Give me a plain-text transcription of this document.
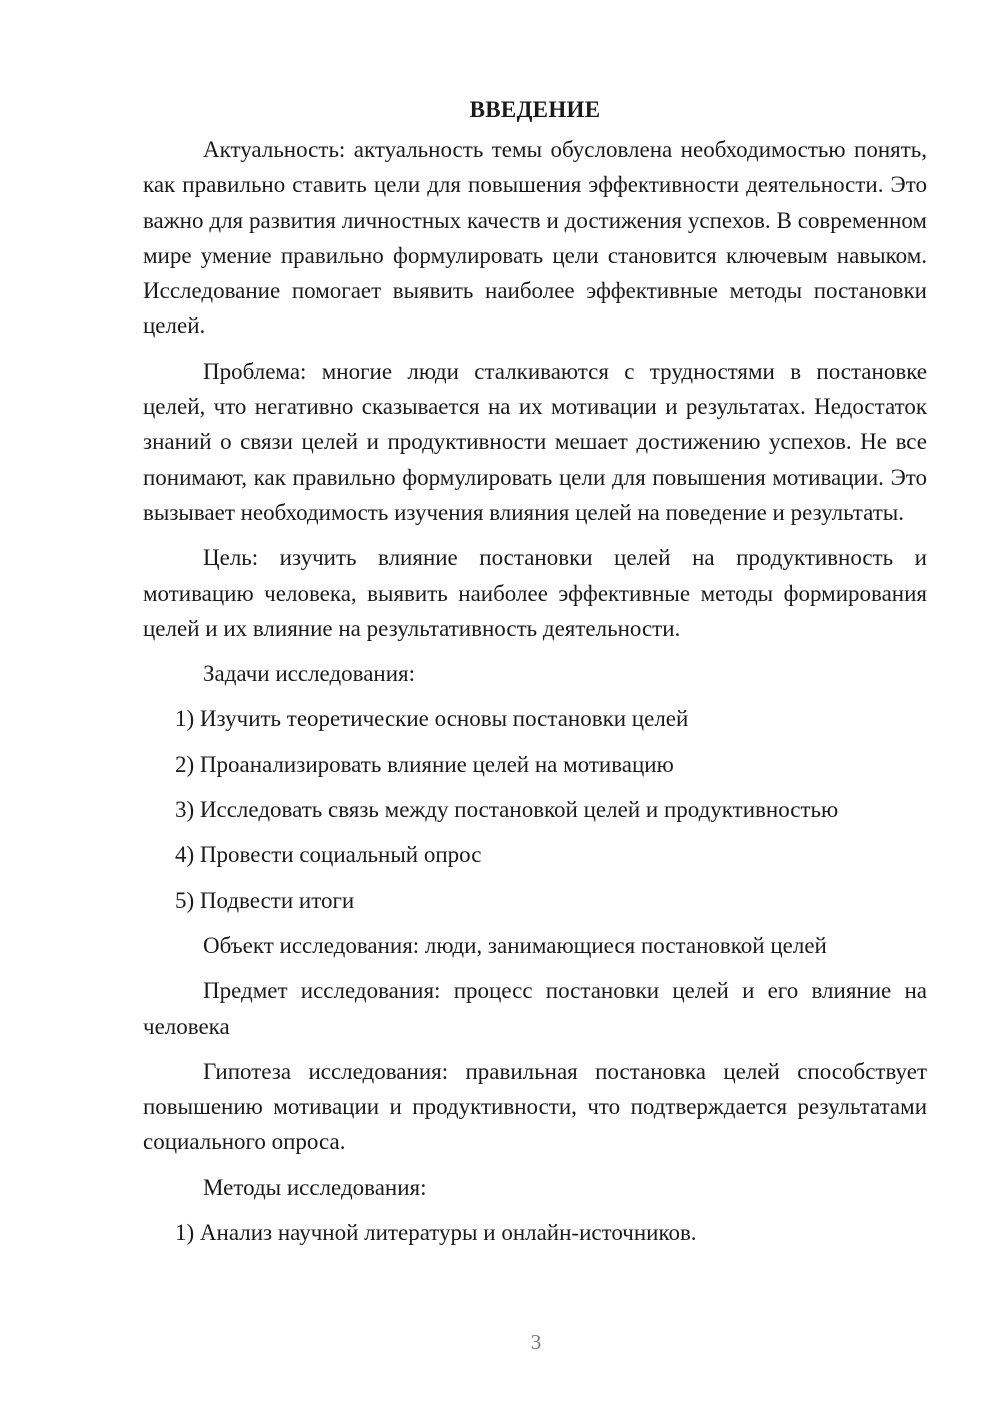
ВВЕДЕНИЕ

Актуальность: актуальность темы обусловлена необходимостью понять, как правильно ставить цели для повышения эффективности деятельности. Это важно для развития личностных качеств и достижения успехов. В современном мире умение правильно формулировать цели становится ключевым навыком. Исследование помогает выявить наиболее эффективные методы постановки целей.

Проблема: многие люди сталкиваются с трудностями в постановке целей, что негативно сказывается на их мотивации и результатах. Недостаток знаний о связи целей и продуктивности мешает достижению успехов. Не все понимают, как правильно формулировать цели для повышения мотивации. Это вызывает необходимость изучения влияния целей на поведение и результаты.

Цель: изучить влияние постановки целей на продуктивность и мотивацию человека, выявить наиболее эффективные методы формирования целей и их влияние на результативность деятельности.

Задачи исследования:

1) Изучить теоретические основы постановки целей
2) Проанализировать влияние целей на мотивацию
3) Исследовать связь между постановкой целей и продуктивностью
4) Провести социальный опрос
5) Подвести итоги

Объект исследования: люди, занимающиеся постановкой целей

Предмет исследования: процесс постановки целей и его влияние на человека

Гипотеза исследования: правильная постановка целей способствует повышению мотивации и продуктивности, что подтверждается результатами социального опроса.

Методы исследования:

1) Анализ научной литературы и онлайн-источников.
3
